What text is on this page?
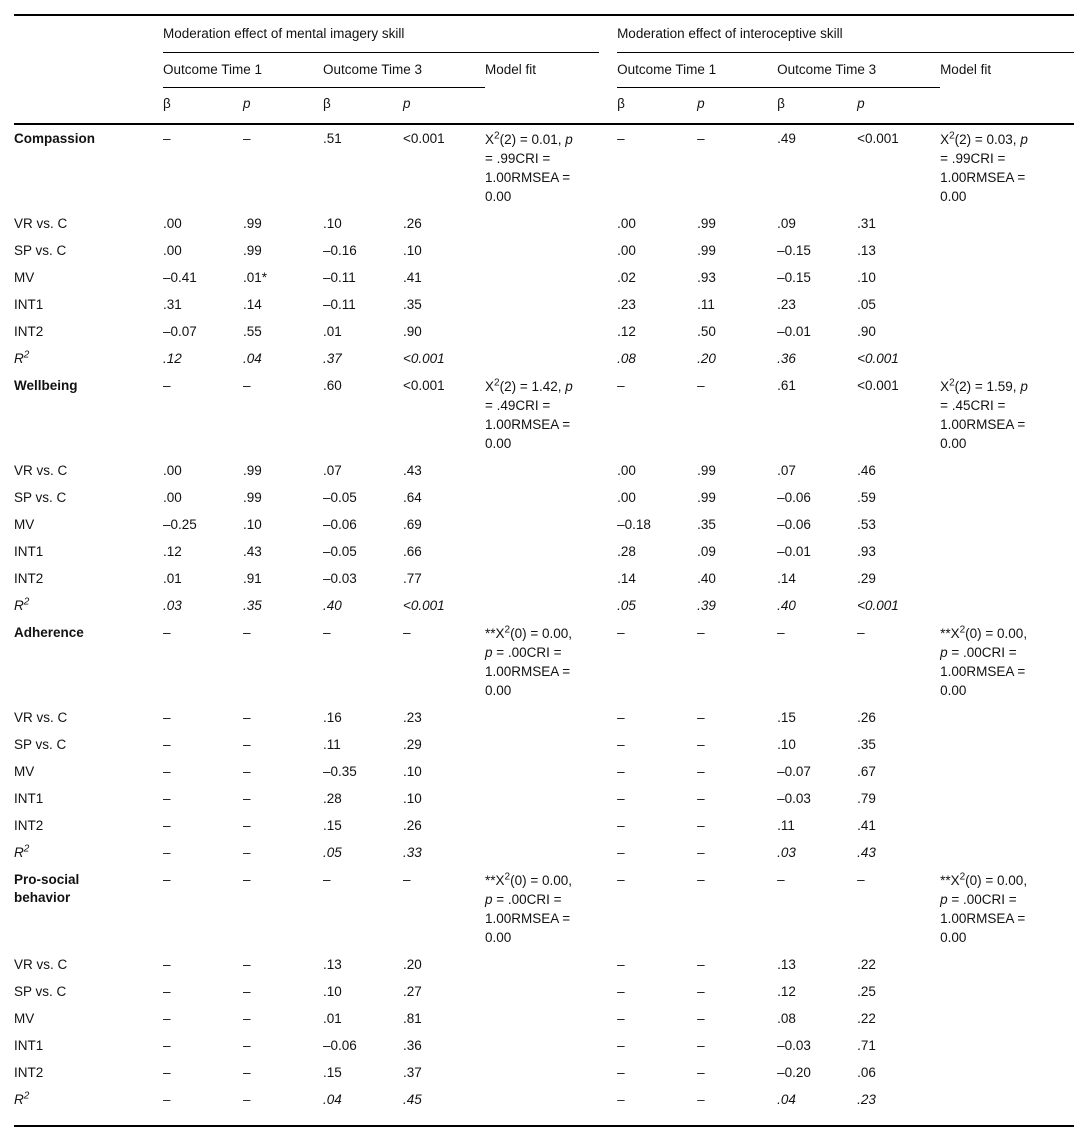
	Moderation effect of mental imagery skill					Moderation effect of interoceptive skill				

	Outcome Time 1		Outcome Time 3		Model fit	Outcome Time 1		Outcome Time 3		Model fit
	β	p	β	p		β	p	β	p	
Compassion	–	–	.51	<0.001	$X^2(2) = 0.01$, p = .99CRI = 1.00RMSEA = 0.00	–	–	.49	<0.001	$X^2(2) = 0.03$, p = .99CRI = 1.00RMSEA = 0.00

VR vs. C	.00	.99	.10	.26		.00	.99	.09	.31	

SP vs. C	.00	.99	–0.16	.10		.00	.99	–0.15	.13	

MV	–0.41	.01*	–0.11	.41		.02	.93	–0.15	.10	

INT1	.31	.14	–0.11	.35		.23	.11	.23	.05	

INT2	–0.07	.55	.01	.90		.12	.50	–0.01	.90	

$R^2$	.12	.04	.37	<0.001		.08	.20	.36	<0.001	

Wellbeing	–	–	.60	<0.001	$X^2(2) = 1.42$, p = .49CRI = 1.00RMSEA = 0.00	–	–	.61	<0.001	$X^2(2) = 1.59$, p = .45CRI = 1.00RMSEA = 0.00

VR vs. C	.00	.99	.07	.43		.00	.99	.07	.46	

SP vs. C	.00	.99	–0.05	.64		.00	.99	–0.06	.59	

MV	–0.25	.10	–0.06	.69		–0.18	.35	–0.06	.53	

INT1	.12	.43	–0.05	.66		.28	.09	–0.01	.93	

INT2	.01	.91	–0.03	.77		.14	.40	.14	.29	

$R^2$	.03	.35	.40	<0.001		.05	.39	.40	<0.001	

Adherence	–	–	–	–	$**X^2(0) = 0.00$, p = .00CRI = 1.00RMSEA = 0.00	–	–	–	–	$**X^2(0) = 0.00$, p = .00CRI = 1.00RMSEA = 0.00

VR vs. C	–	–	.16	.23		–	–	.15	.26	

SP vs. C	–	–	.11	.29		–	–	.10	.35	

MV	–	–	–0.35	.10		–	–	–0.07	.67	

INT1	–	–	.28	.10		–	–	–0.03	.79	

INT2	–	–	.15	.26		–	–	.11	.41	

$R^2$	–	–	.05	.33		–	–	.03	.43	

Pro-social behavior	–	–	–	–	$**X^2(0) = 0.00$, p = .00CRI = 1.00RMSEA = 0.00	–	–	–	–	$**X^2(0) = 0.00$, p = .00CRI = 1.00RMSEA = 0.00

VR vs. C	–	–	.13	.20		–	–	.13	.22	

SP vs. C	–	–	.10	.27		–	–	.12	.25	

MV	–	–	.01	.81		–	–	.08	.22	

INT1	–	–	–0.06	.36		–	–	–0.03	.71	

INT2	–	–	.15	.37		–	–	–0.20	.06	

$R^2$	–	–	.04	.45		–	–	.04	.23	
